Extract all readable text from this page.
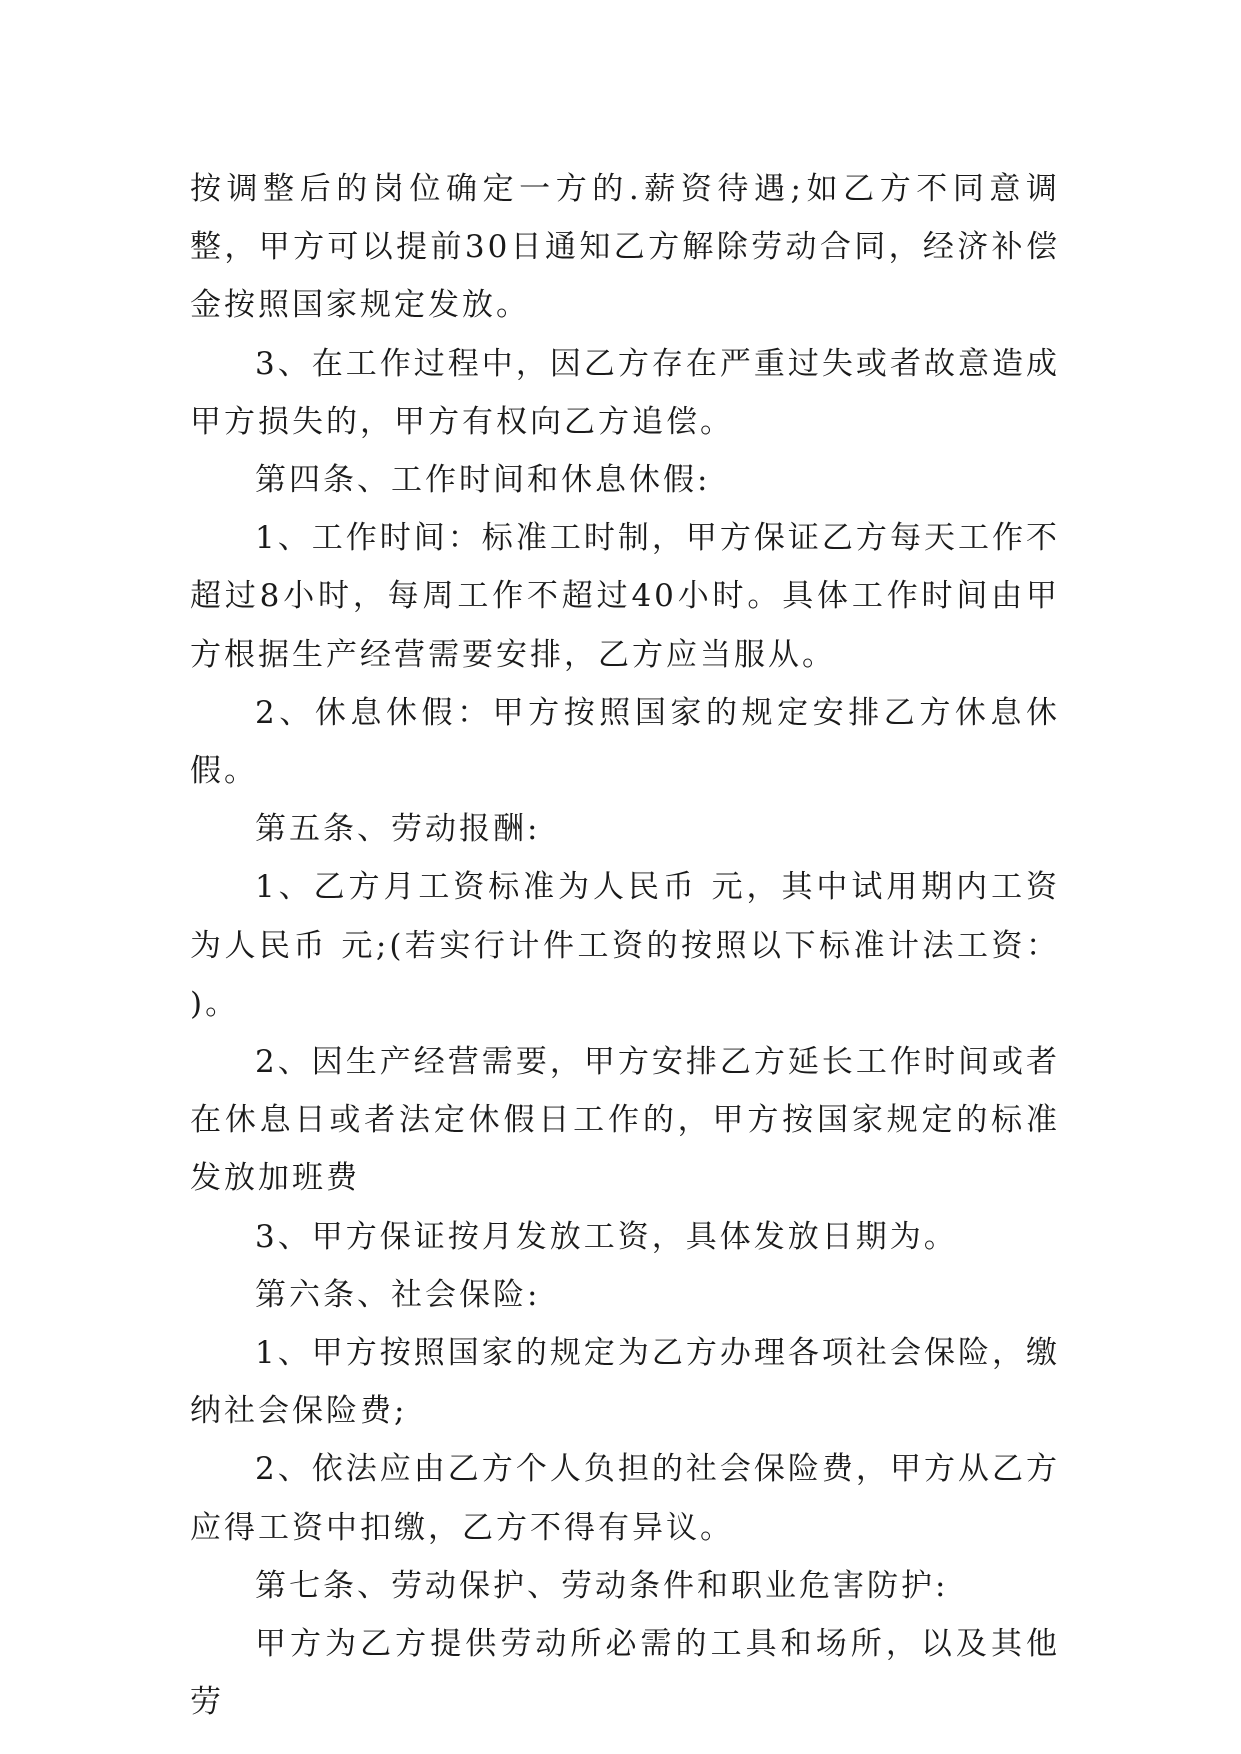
按调整后的岗位确定一方的.薪资待遇;如乙方不同意调整，甲方可以提前30日通知乙方解除劳动合同，经济补偿金按照国家规定发放。

3、在工作过程中，因乙方存在严重过失或者故意造成甲方损失的，甲方有权向乙方追偿。

第四条、工作时间和休息休假:

1、工作时间：标准工时制，甲方保证乙方每天工作不超过8小时，每周工作不超过40小时。具体工作时间由甲方根据生产经营需要安排，乙方应当服从。

2、休息休假：甲方按照国家的规定安排乙方休息休假。

第五条、劳动报酬:

1、乙方月工资标准为人民币 元，其中试用期内工资为人民币 元;(若实行计件工资的按照以下标准计法工资： )。

2、因生产经营需要，甲方安排乙方延长工作时间或者在休息日或者法定休假日工作的，甲方按国家规定的标准发放加班费

3、甲方保证按月发放工资，具体发放日期为。

第六条、社会保险:

1、甲方按照国家的规定为乙方办理各项社会保险，缴纳社会保险费;

2、依法应由乙方个人负担的社会保险费，甲方从乙方应得工资中扣缴，乙方不得有异议。

第七条、劳动保护、劳动条件和职业危害防护:

甲方为乙方提供劳动所必需的工具和场所，以及其他劳
